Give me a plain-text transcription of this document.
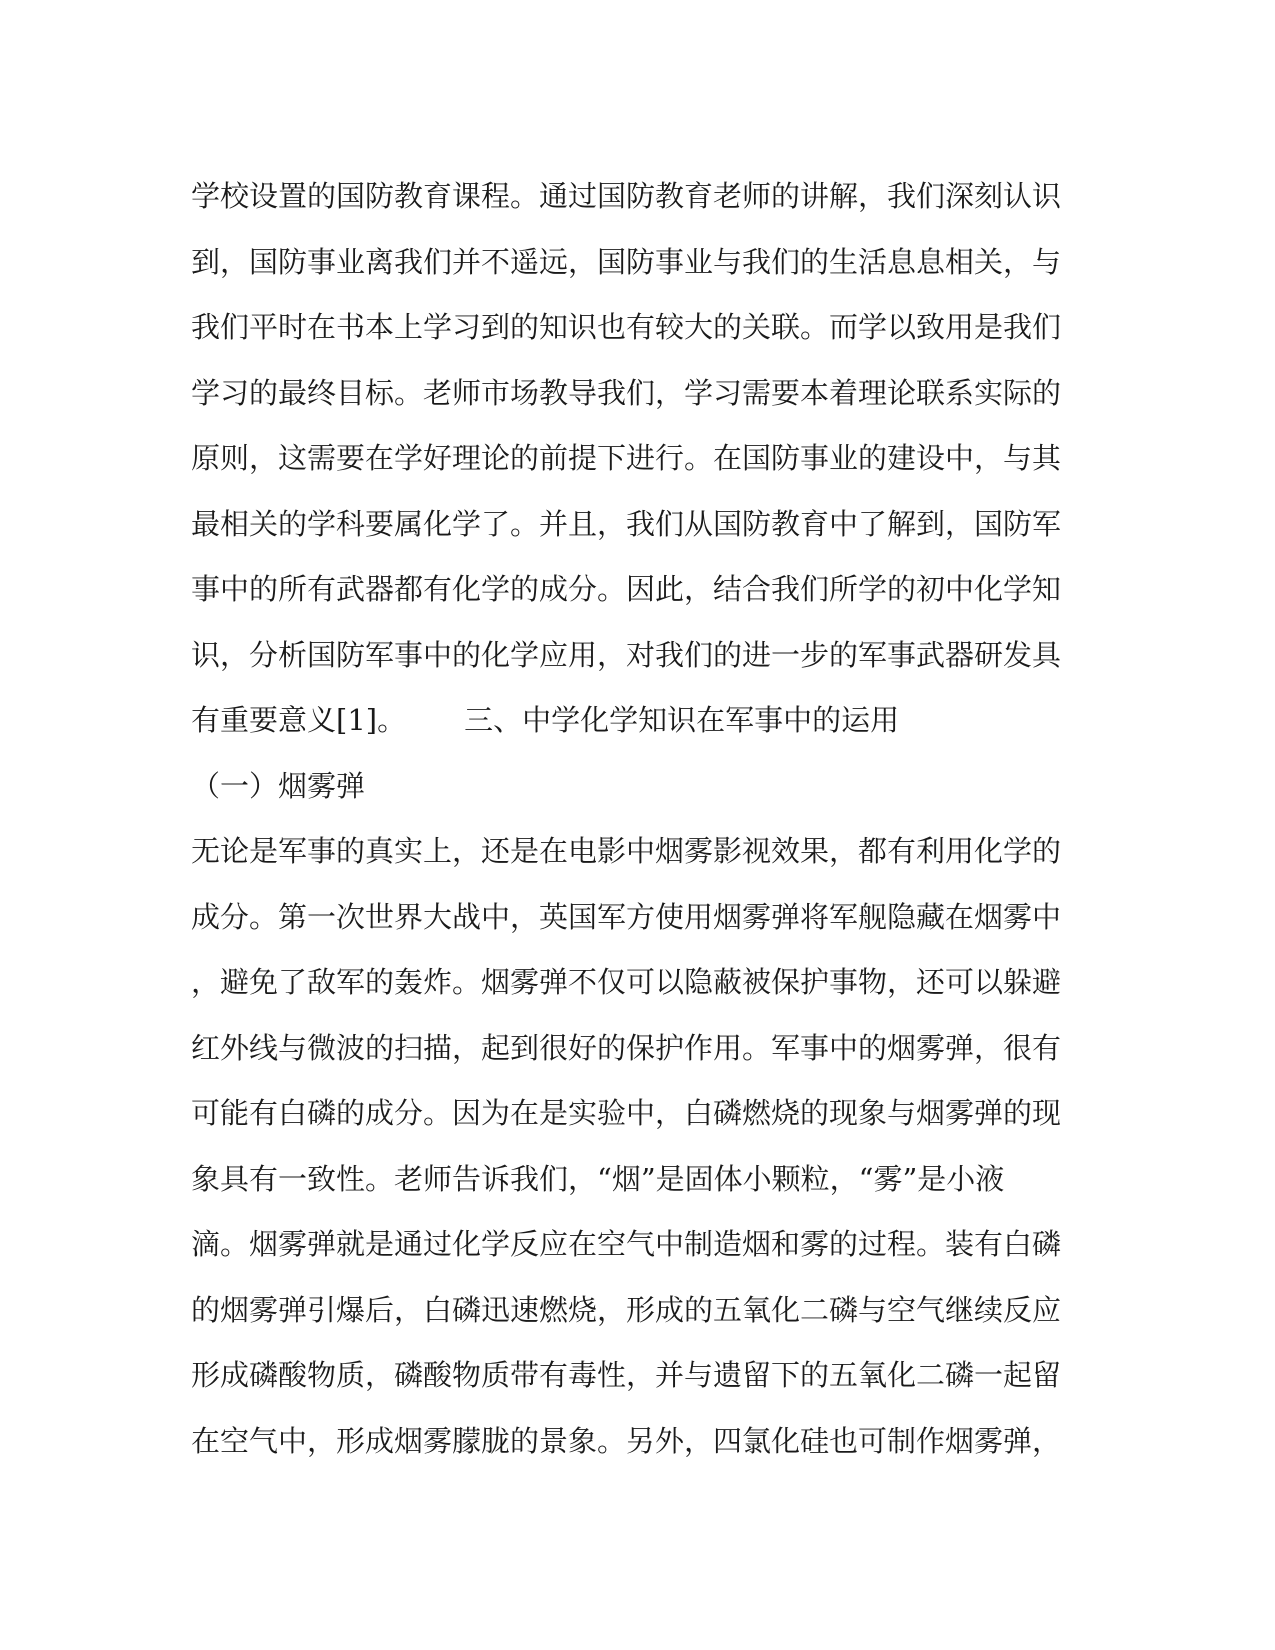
学校设置的国防教育课程。通过国防教育老师的讲解，我们深刻认识
到，国防事业离我们并不遥远，国防事业与我们的生活息息相关，与
我们平时在书本上学习到的知识也有较大的关联。而学以致用是我们
学习的最终目标。老师市场教导我们，学习需要本着理论联系实际的
原则，这需要在学好理论的前提下进行。在国防事业的建设中，与其
最相关的学科要属化学了。并且，我们从国防教育中了解到，国防军
事中的所有武器都有化学的成分。因此，结合我们所学的初中化学知
识，分析国防军事中的化学应用，对我们的进一步的军事武器研发具
有重要意义[1]。 三、中学化学知识在军事中的运用
（一）烟雾弹
无论是军事的真实上，还是在电影中烟雾影视效果，都有利用化学的
成分。第一次世界大战中，英国军方使用烟雾弹将军舰隐藏在烟雾中
，避免了敌军的轰炸。烟雾弹不仅可以隐蔽被保护事物，还可以躲避
红外线与微波的扫描，起到很好的保护作用。军事中的烟雾弹，很有
可能有白磷的成分。因为在是实验中，白磷燃烧的现象与烟雾弹的现
象具有一致性。老师告诉我们，“烟”是固体小颗粒，“雾”是小液
滴。烟雾弹就是通过化学反应在空气中制造烟和雾的过程。装有白磷
的烟雾弹引爆后，白磷迅速燃烧，形成的五氧化二磷与空气继续反应
形成磷酸物质，磷酸物质带有毒性，并与遗留下的五氧化二磷一起留
在空气中，形成烟雾朦胧的景象。另外，四氯化硅也可制作烟雾弹，
